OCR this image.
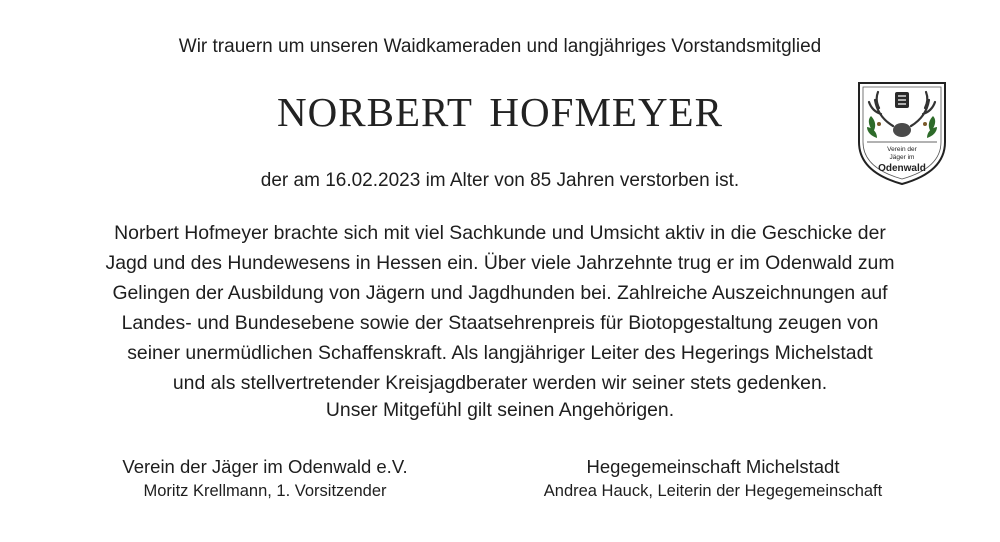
Wir trauern um unseren Waidkameraden und langjähriges Vorstandsmitglied
NORBERT HOFMEYER
der am 16.02.2023 im Alter von 85 Jahren verstorben ist.
Norbert Hofmeyer brachte sich mit viel Sachkunde und Umsicht aktiv in die Geschicke der
Jagd und des Hundewesens in Hessen ein. Über viele Jahrzehnte trug er im Odenwald zum
Gelingen der Ausbildung von Jägern und Jagdhunden bei. Zahlreiche Auszeichnungen auf
Landes- und Bundesebene sowie der Staatsehrenpreis für Biotopgestaltung zeugen von
seiner unermüdlichen Schaffenskraft. Als langjähriger Leiter des Hegerings Michelstadt
und als stellvertretender Kreisjagdberater werden wir seiner stets gedenken.
Unser Mitgefühl gilt seinen Angehörigen.
Verein der Jäger im Odenwald e.V.
Moritz Krellmann, 1. Vorsitzender
Hegegemeinschaft Michelstadt
Andrea Hauck, Leiterin der Hegegemeinschaft
Verein der
Jäger im
Odenwald
